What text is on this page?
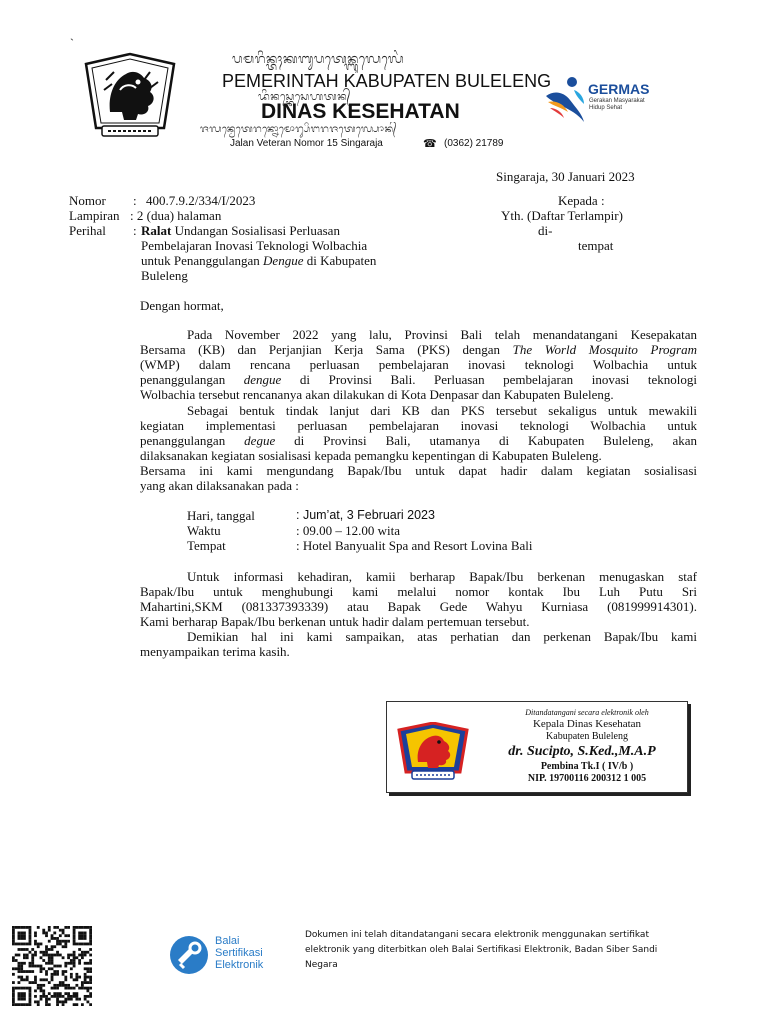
`
ᬧᬫᬭᬶᬦ᭄ᬢᬄᬓᬩᬸᬧᬢᬾᬦ᭄ᬩᬸᬮᬾᬮᬾᬂ
PEMERINTAH KABUPATEN BULELENG
ᬤᬶᬦᬲ᭄ᬓᬾᬲᬾᬳᬢᬦ᭄
DINAS KESEHATAN
ᬚᬮᬦ᭄ᬯᬾᬢᬾᬭᬦ᭄ᬦᭀᬫᭀᬭ᭄ᬲᬶᬗᬭᬚᬢᬾᬮ᭄ᬧᭀᬦ᭄
Jalan Veteran Nomor 15 Singaraja	☎ (0362) 21789
GERMAS
Gerakan Masyarakat
Hidup Sehat
Singaraja, 30 Januari 2023
Nomor : 400.7.9.2/334/I/2023
Lampiran : 2 (dua) halaman
Perihal : Ralat Undangan Sosialisasi Perluasan
Pembelajaran Inovasi Teknologi Wolbachia
untuk Penanggulangan Dengue di Kabupaten
Buleleng
Kepada :
Yth. (Daftar Terlampir)
di-
tempat
Dengan hormat,
Pada November 2022 yang lalu, Provinsi Bali telah menandatangani Kesepakatan
Bersama (KB) dan Perjanjian Kerja Sama (PKS) dengan The World Mosquito Program
(WMP) dalam rencana perluasan pembelajaran inovasi teknologi Wolbachia untuk
penanggulangan dengue di Provinsi Bali. Perluasan pembelajaran inovasi teknologi
Wolbachia tersebut rencananya akan dilakukan di Kota Denpasar dan Kabupaten Buleleng.
Sebagai bentuk tindak lanjut dari KB dan PKS tersebut sekaligus untuk mewakili
kegiatan implementasi perluasan pembelajaran inovasi teknologi Wolbachia untuk
penanggulangan degue di Provinsi Bali, utamanya di Kabupaten Buleleng, akan
dilaksanakan kegiatan sosialisasi kepada pemangku kepentingan di Kabupaten Buleleng.
Bersama ini kami mengundang Bapak/Ibu untuk dapat hadir dalam kegiatan sosialisasi
yang akan dilaksanakan pada :
Hari, tanggal	: Jum’at, 3 Februari 2023
Waktu	: 09.00 – 12.00 wita
Tempat	: Hotel Banyualit Spa and Resort Lovina Bali
Untuk informasi kehadiran, kamii berharap Bapak/Ibu berkenan menugaskan staf
Bapak/Ibu untuk menghubungi kami melalui nomor kontak Ibu Luh Putu Sri
Mahartini,SKM (081337393339) atau Bapak Gede Wahyu Kurniasa (081999914301).
Kami berharap Bapak/Ibu berkenan untuk hadir dalam pertemuan tersebut.
Demikian hal ini kami sampaikan, atas perhatian dan perkenan Bapak/Ibu kami
menyampaikan terima kasih.
Ditandatangani secara elektronik oleh
Kepala Dinas Kesehatan
Kabupaten Buleleng
dr. Sucipto, S.Ked.,M.A.P
Pembina Tk.I ( IV/b )
NIP. 19700116 200312 1 005
Balai
Sertifikasi
Elektronik
Dokumen ini telah ditandatangani secara elektronik menggunakan sertifikat
elektronik yang diterbitkan oleh Balai Sertifikasi Elektronik, Badan Siber Sandi
Negara
